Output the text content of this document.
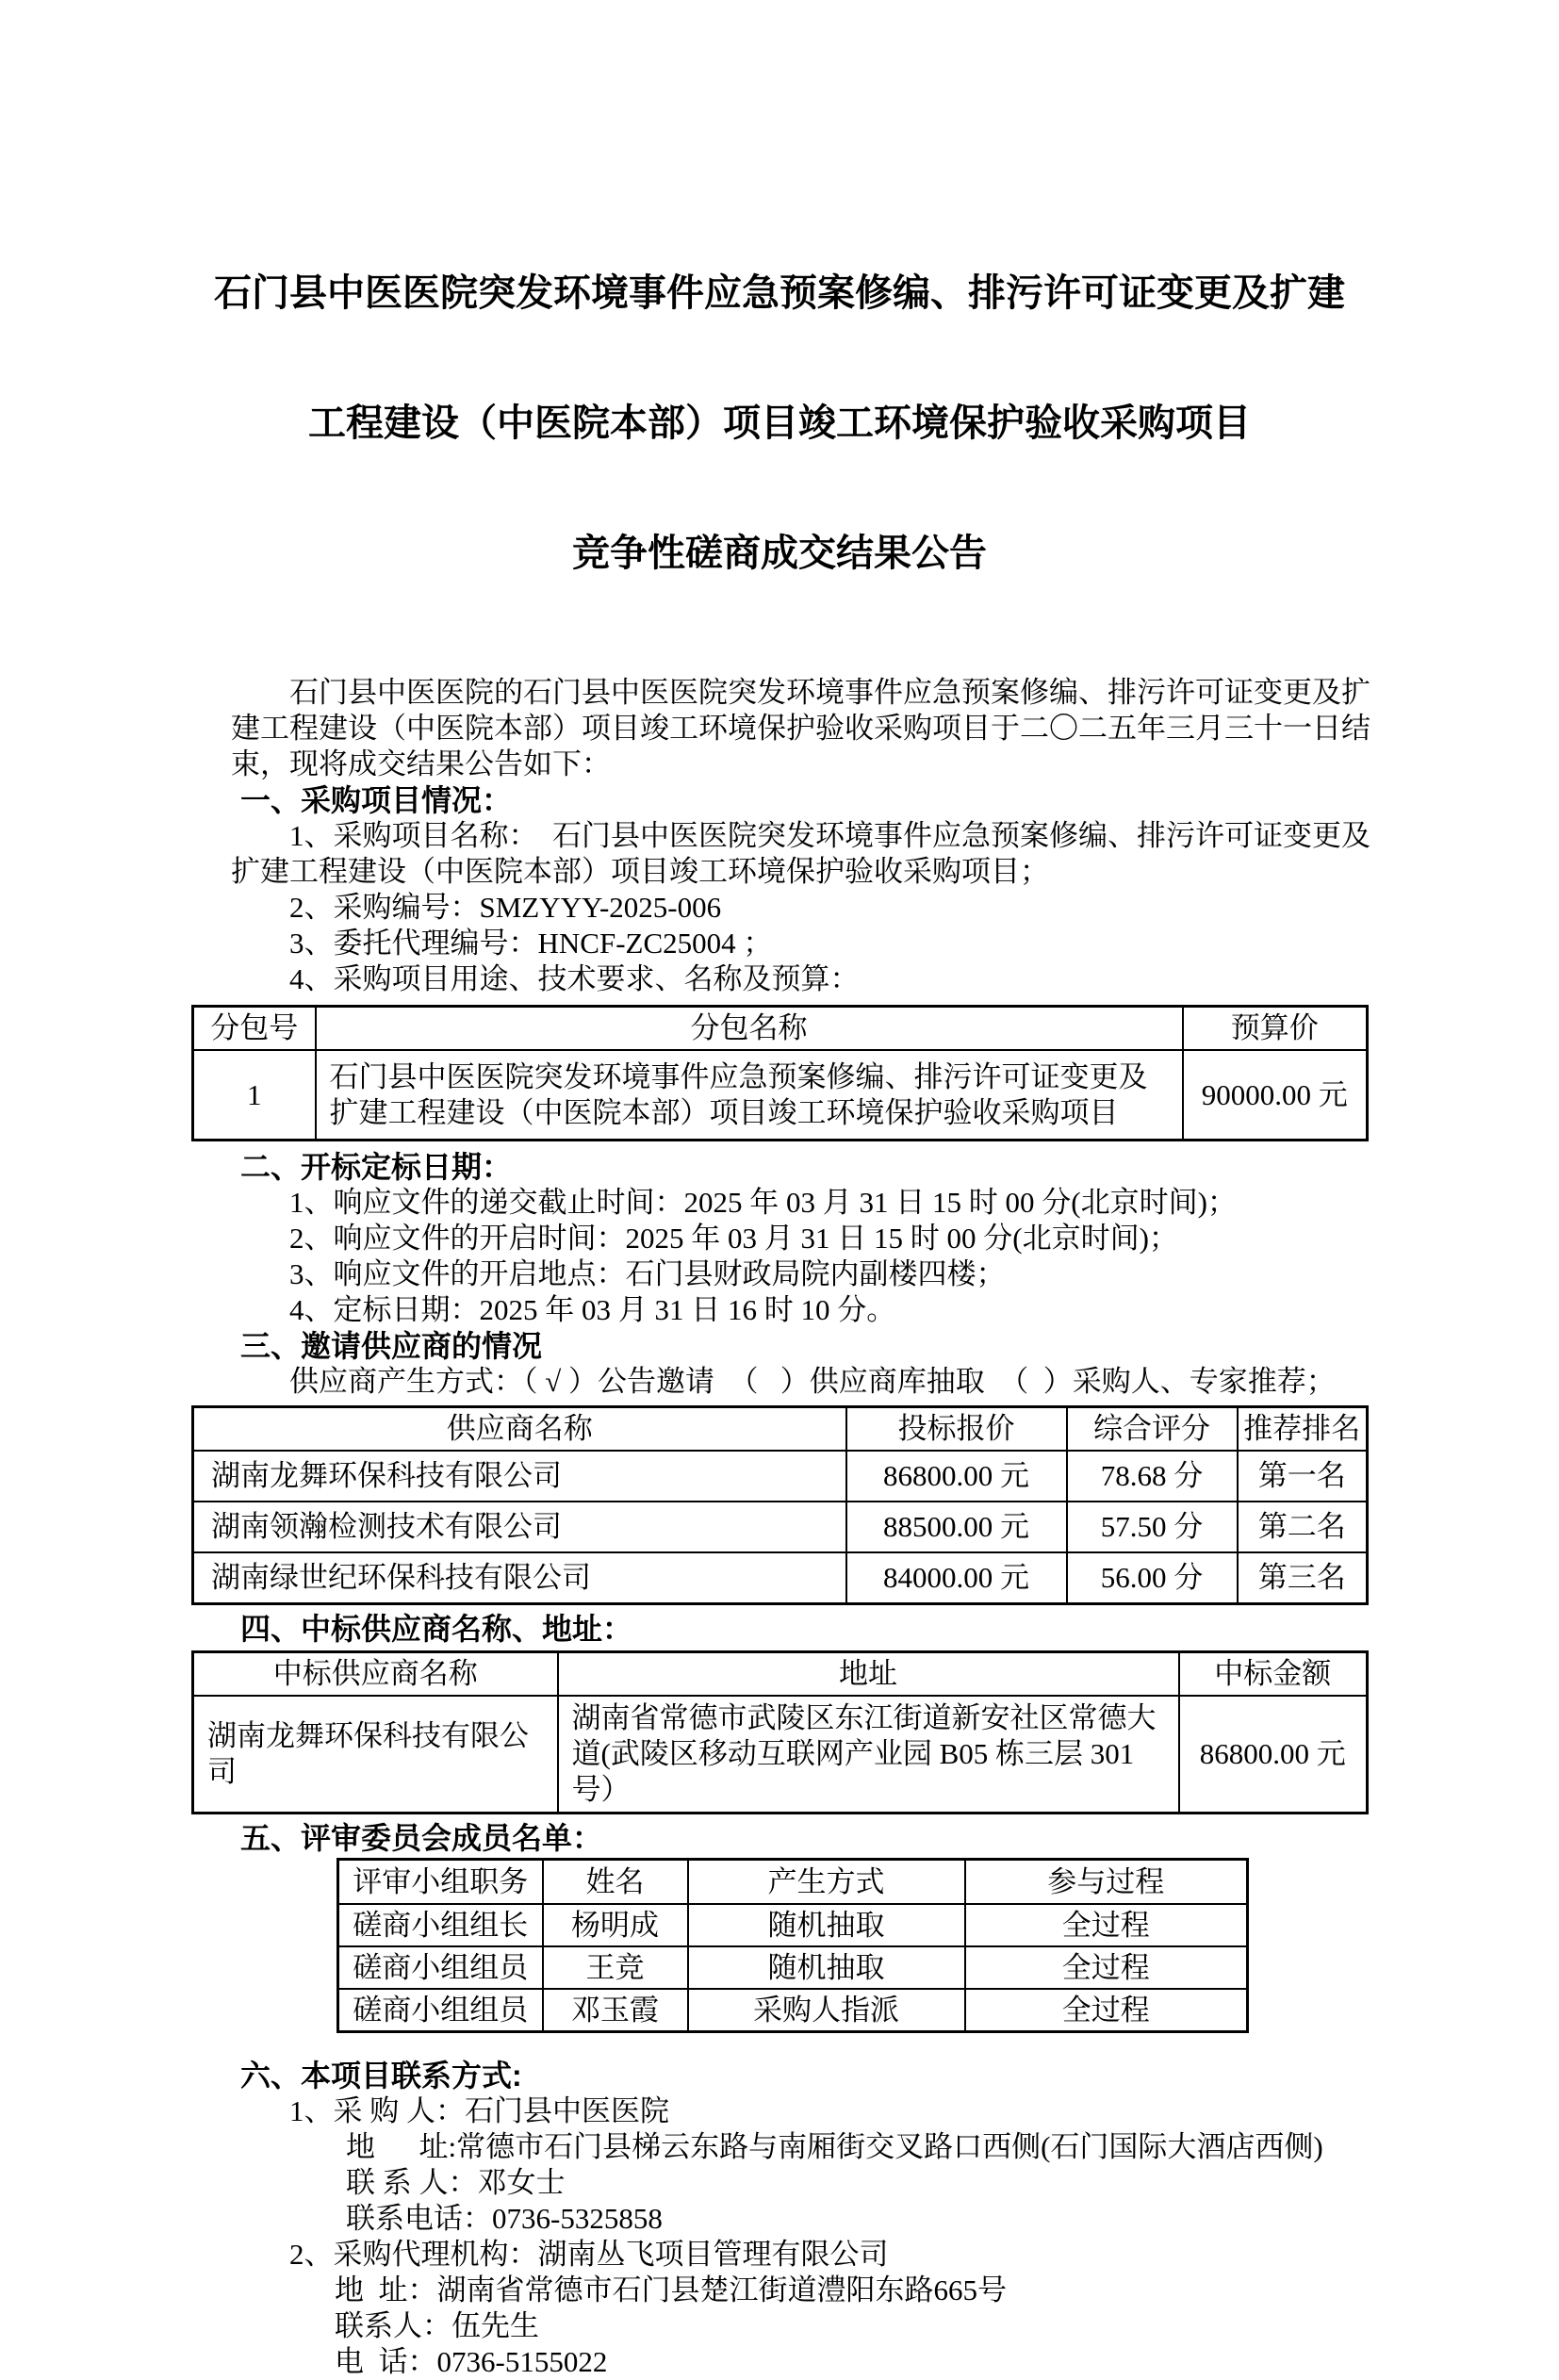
石门县中医医院突发环境事件应急预案修编、排污许可证变更及扩建

工程建设（中医院本部）项目竣工环境保护验收采购项目

竞争性磋商成交结果公告

石门县中医医院的石门县中医医院突发环境事件应急预案修编、排污许可证变更及扩建工程建设（中医院本部）项目竣工环境保护验收采购项目于二〇二五年三月三十一日结束，现将成交结果公告如下：

一、采购项目情况：
1、采购项目名称：  石门县中医医院突发环境事件应急预案修编、排污许可证变更及扩建工程建设（中医院本部）项目竣工环境保护验收采购项目；
2、采购编号：SMZYYY-2025-006
3、委托代理编号：HNCF-ZC25004 ；
4、采购项目用途、技术要求、名称及预算：
分包号	分包名称	预算价
1	石门县中医医院突发环境事件应急预案修编、排污许可证变更及扩建工程建设（中医院本部）项目竣工环境保护验收采购项目	90000.00 元
二、开标定标日期：
1、响应文件的递交截止时间：2025 年 03 月 31 日 15 时 00 分(北京时间)；
2、响应文件的开启时间：2025 年 03 月 31 日 15 时 00 分(北京时间)；
3、响应文件的开启地点：石门县财政局院内副楼四楼；
4、定标日期：2025 年 03 月 31 日 16 时 10 分。
三、邀请供应商的情况
供应商产生方式：（ √ ）公告邀请  （   ）供应商库抽取  （  ）采购人、专家推荐；
供应商名称	投标报价	综合评分	推荐排名
湖南龙舞环保科技有限公司	86800.00 元	78.68 分	第一名
湖南领瀚检测技术有限公司	88500.00 元	57.50 分	第二名
湖南绿世纪环保科技有限公司	84000.00 元	56.00 分	第三名
四、中标供应商名称、地址：
中标供应商名称	地址	中标金额
湖南龙舞环保科技有限公司	湖南省常德市武陵区东江街道新安社区常德大道(武陵区移动互联网产业园 B05 栋三层 301 号）	86800.00 元
五、评审委员会成员名单：
评审小组职务	姓名	产生方式	参与过程
磋商小组组长	杨明成	随机抽取	全过程
磋商小组组员	王竞	随机抽取	全过程
磋商小组组员	邓玉霞	采购人指派	全过程
六、本项目联系方式:
1、采 购 人：石门县中医医院
地      址:常德市石门县梯云东路与南厢街交叉路口西侧(石门国际大酒店西侧)
联 系 人：邓女士
联系电话：0736-5325858
2、采购代理机构：湖南丛飞项目管理有限公司
地  址：湖南省常德市石门县楚江街道澧阳东路665号
联系人：伍先生
电  话：0736-5155022
